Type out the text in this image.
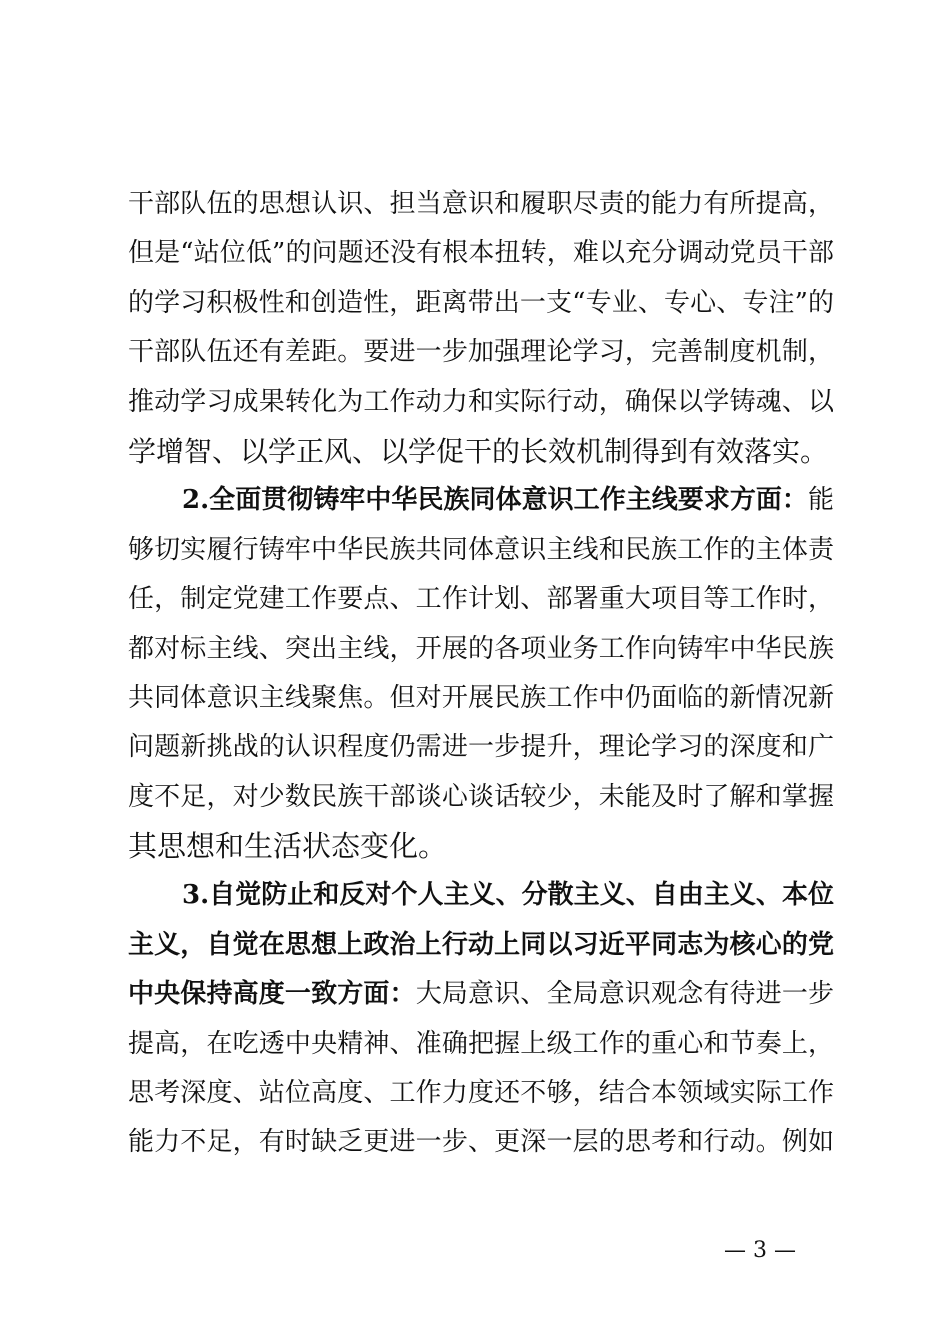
干部队伍的思想认识、担当意识和履职尽责的能力有所提高，
但是“站位低”的问题还没有根本扭转，难以充分调动党员干部
的学习积极性和创造性，距离带出一支“专业、专心、专注”的
干部队伍还有差距。要进一步加强理论学习，完善制度机制，
推动学习成果转化为工作动力和实际行动，确保以学铸魂、以
学增智、以学正风、以学促干的长效机制得到有效落实。
2.全面贯彻铸牢中华民族同体意识工作主线要求方面：能
够切实履行铸牢中华民族共同体意识主线和民族工作的主体责
任，制定党建工作要点、工作计划、部署重大项目等工作时，
都对标主线、突出主线，开展的各项业务工作向铸牢中华民族
共同体意识主线聚焦。但对开展民族工作中仍面临的新情况新
问题新挑战的认识程度仍需进一步提升，理论学习的深度和广
度不足，对少数民族干部谈心谈话较少，未能及时了解和掌握
其思想和生活状态变化。
3.自觉防止和反对个人主义、分散主义、自由主义、本位
主义，自觉在思想上政治上行动上同以习近平同志为核心的党
中央保持高度一致方面：大局意识、全局意识观念有待进一步
提高，在吃透中央精神、准确把握上级工作的重心和节奏上，
思考深度、站位高度、工作力度还不够，结合本领域实际工作
能力不足，有时缺乏更进一步、更深一层的思考和行动。例如
— 3 —
